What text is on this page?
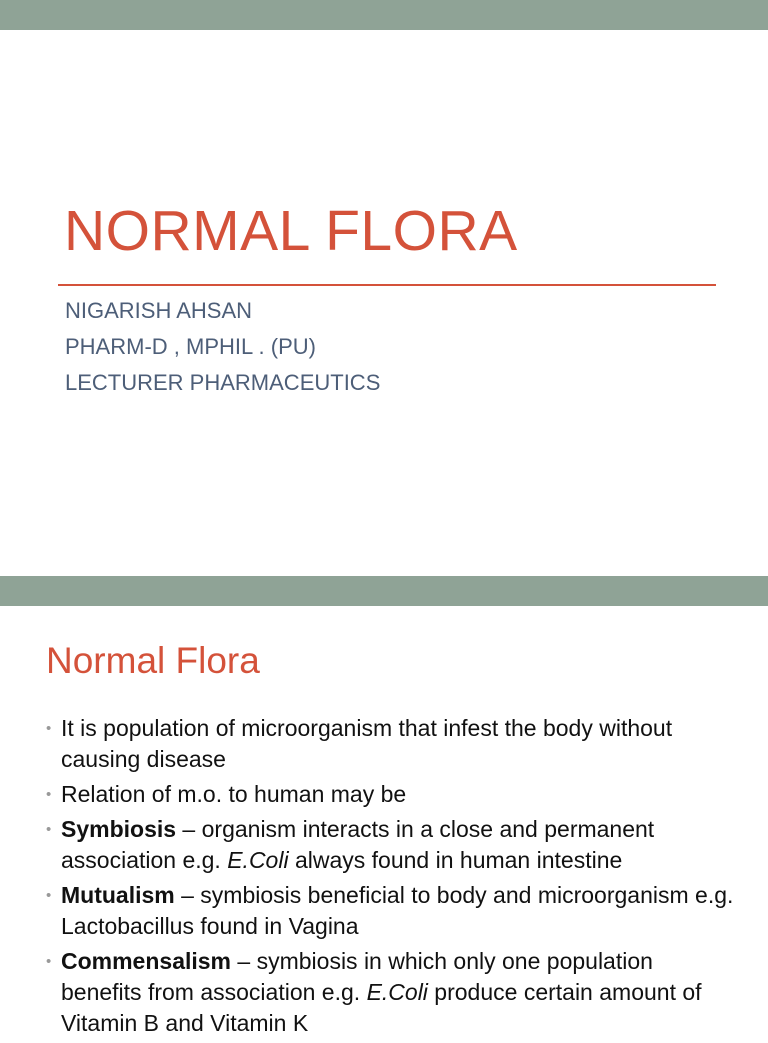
NORMAL FLORA
NIGARISH AHSAN
PHARM-D , MPHIL . (PU)
LECTURER PHARMACEUTICS
Normal Flora
• It is population of microorganism that infest the body without causing disease
• Relation of m.o. to human may be
• Symbiosis – organism interacts in a close and permanent association e.g. E.Coli always found in human intestine
• Mutualism – symbiosis beneficial to body and microorganism e.g. Lactobacillus found in Vagina
• Commensalism – symbiosis in which only one population benefits from association e.g. E.Coli produce certain amount of Vitamin B and Vitamin K
